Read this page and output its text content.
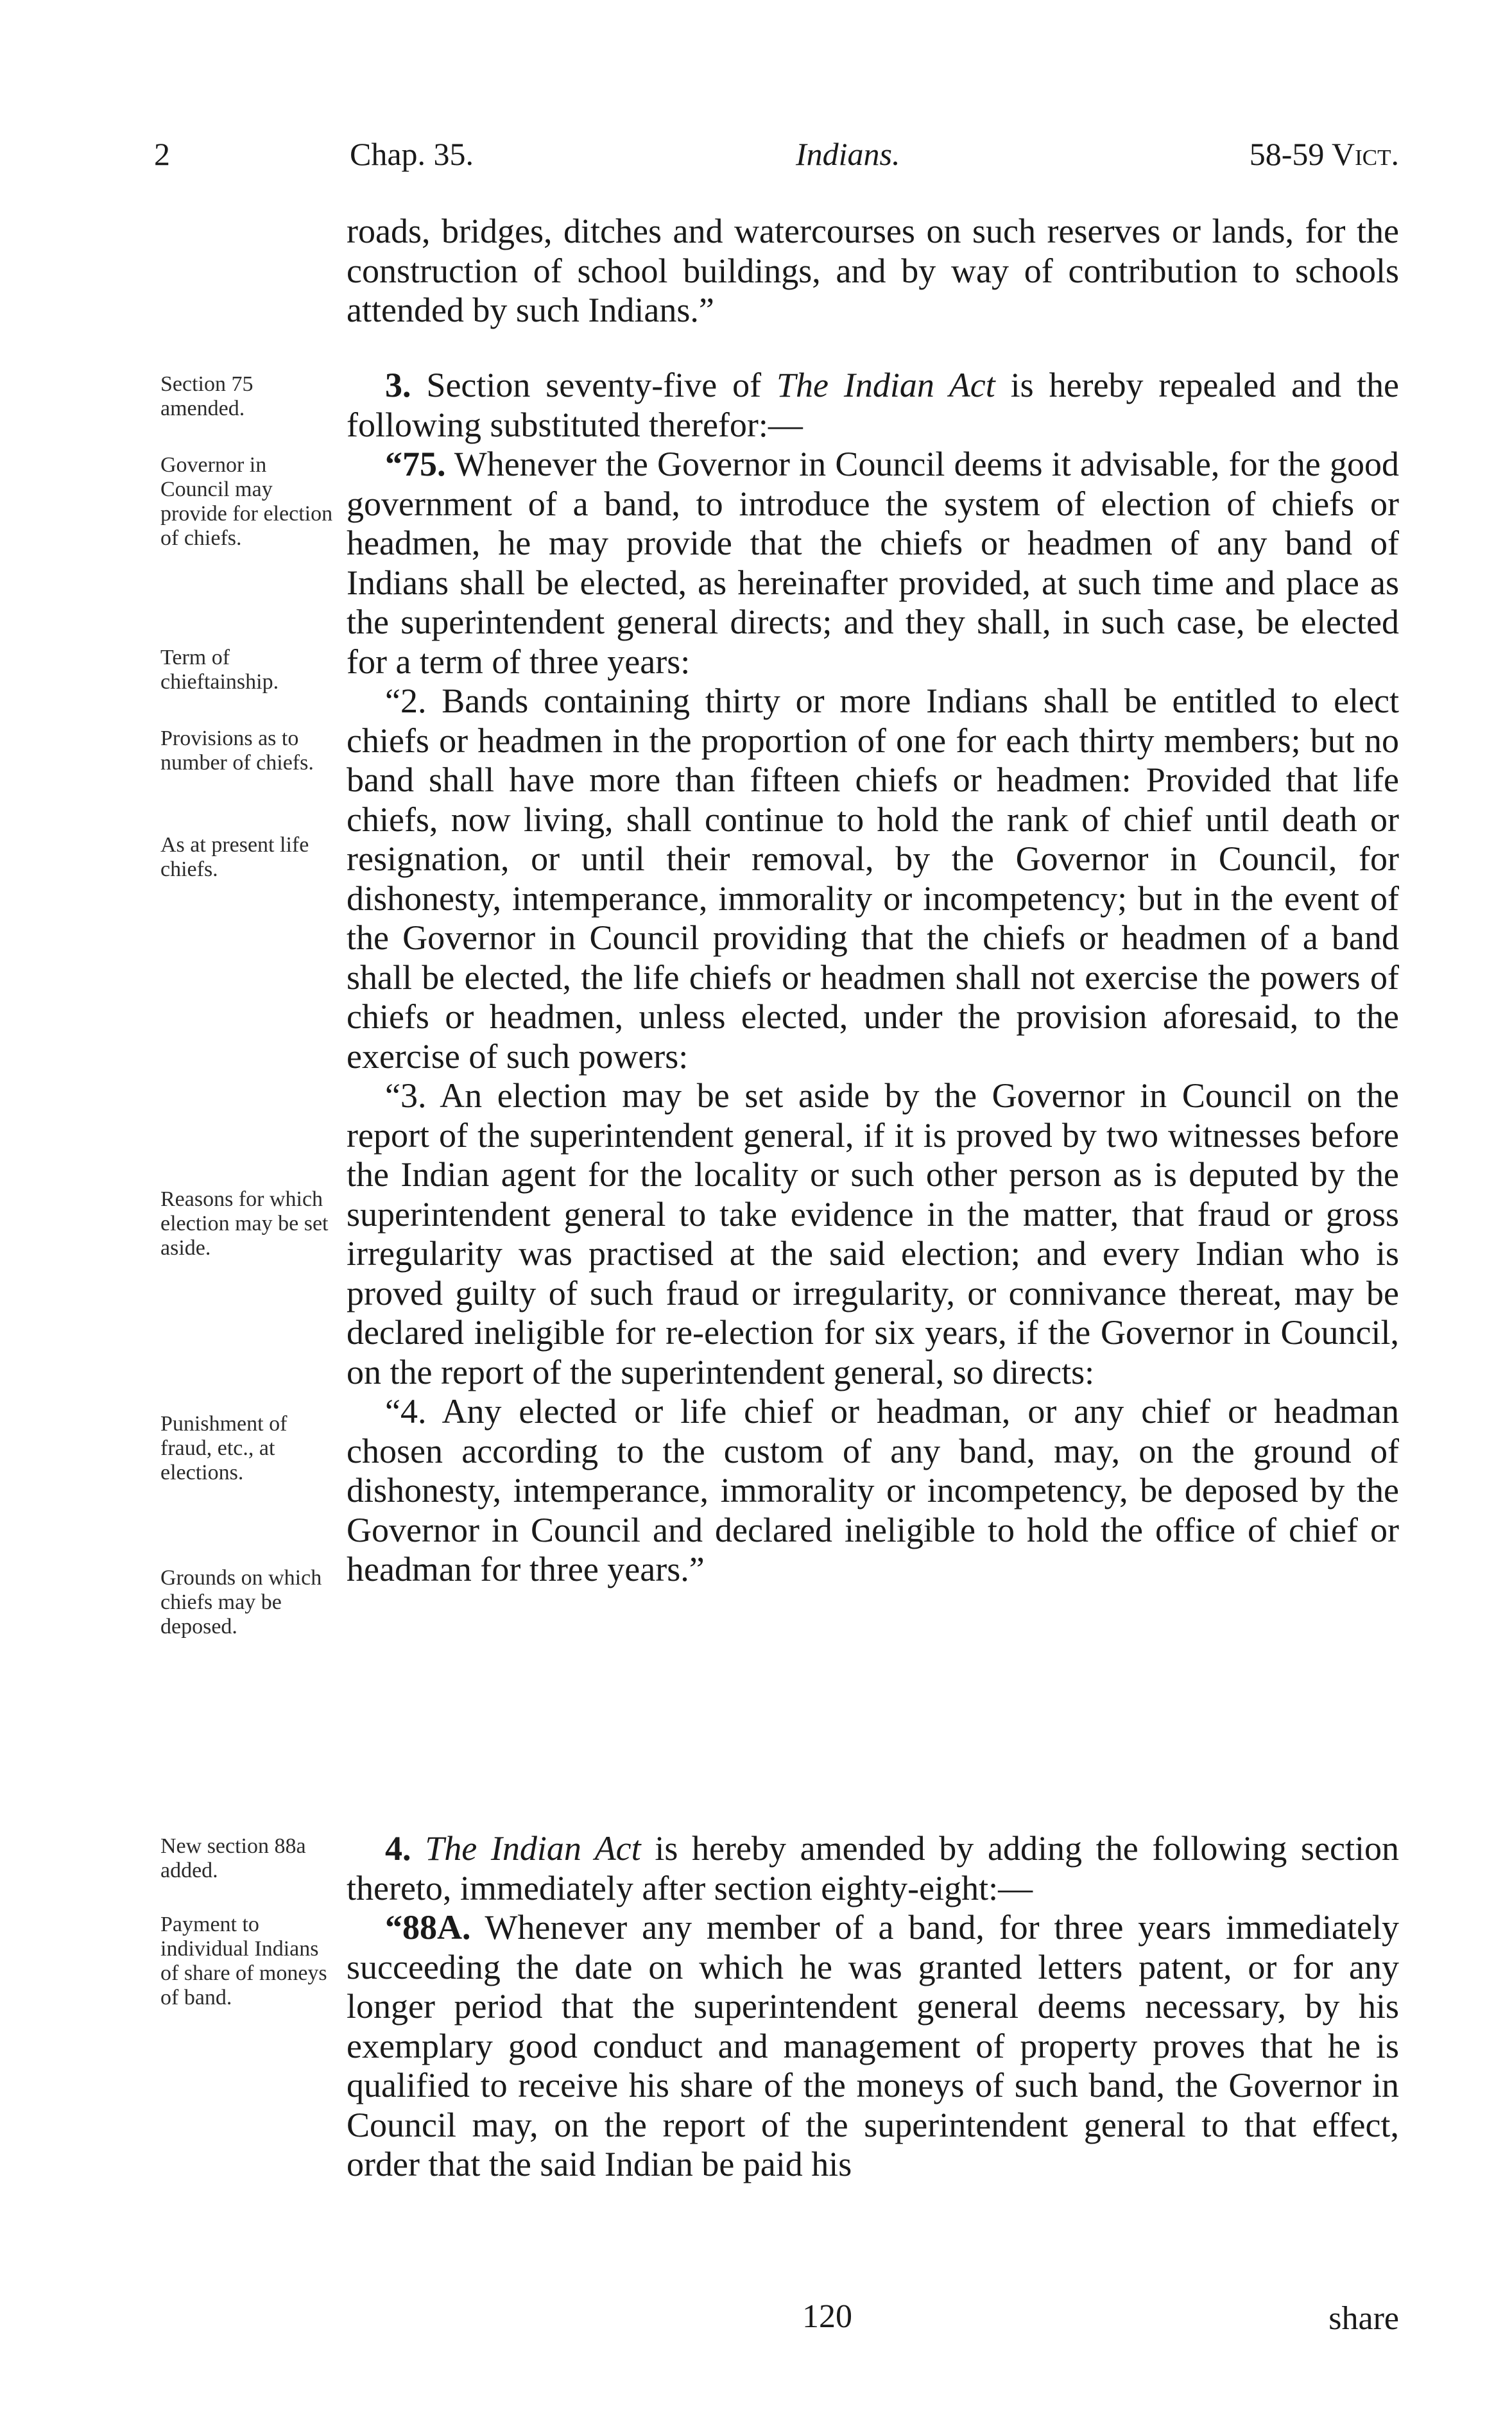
2	Chap. 35.	Indians.	58-59 Vict.

roads, bridges, ditches and watercourses on such reserves or lands, for the construction of school buildings, and by way of contribution to schools attended by such Indians.”

3. Section seventy-five of The Indian Act is hereby repealed and the following substituted therefor:—

“75. Whenever the Governor in Council deems it advisable, for the good government of a band, to introduce the system of election of chiefs or headmen, he may provide that the chiefs or headmen of any band of Indians shall be elected, as hereinafter provided, at such time and place as the superintendent general directs; and they shall, in such case, be elected for a term of three years:

“2. Bands containing thirty or more Indians shall be entitled to elect chiefs or headmen in the proportion of one for each thirty members; but no band shall have more than fifteen chiefs or headmen: Provided that life chiefs, now living, shall continue to hold the rank of chief until death or resignation, or until their removal, by the Governor in Council, for dishonesty, intemperance, immorality or incompetency; but in the event of the Governor in Council providing that the chiefs or headmen of a band shall be elected, the life chiefs or headmen shall not exercise the powers of chiefs or headmen, unless elected, under the provision aforesaid, to the exercise of such powers:

“3. An election may be set aside by the Governor in Council on the report of the superintendent general, if it is proved by two witnesses before the Indian agent for the locality or such other person as is deputed by the superintendent general to take evidence in the matter, that fraud or gross irregularity was practised at the said election; and every Indian who is proved guilty of such fraud or irregularity, or connivance thereat, may be declared ineligible for re-election for six years, if the Governor in Council, on the report of the superintendent general, so directs:

“4. Any elected or life chief or headman, or any chief or headman chosen according to the custom of any band, may, on the ground of dishonesty, intemperance, immorality or incompetency, be deposed by the Governor in Council and declared ineligible to hold the office of chief or headman for three years.”

4. The Indian Act is hereby amended by adding the following section thereto, immediately after section eighty-eight:—

“88A. Whenever any member of a band, for three years immediately succeeding the date on which he was granted letters patent, or for any longer period that the superintendent general deems necessary, by his exemplary good conduct and management of property proves that he is qualified to receive his share of the moneys of such band, the Governor in Council may, on the report of the superintendent general to that effect, order that the said Indian be paid his

Section 75 amended.
Governor in Council may provide for election of chiefs.
Term of chieftainship.
Provisions as to number of chiefs.
As at present life chiefs.
Reasons for which election may be set aside.
Punishment of fraud, etc., at elections.
Grounds on which chiefs may be deposed.
New section 88a added.
Payment to individual Indians of share of moneys of band.
120	share
